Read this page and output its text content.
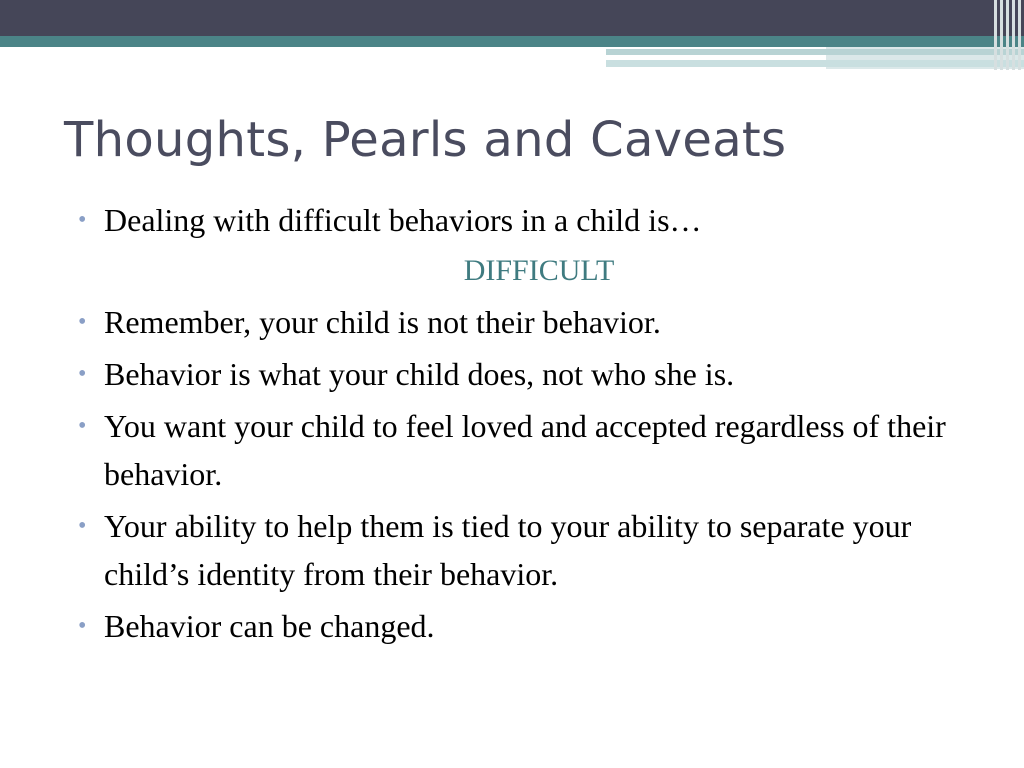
Thoughts, Pearls and Caveats
• Dealing with difficult behaviors in a child is…
DIFFICULT
• Remember, your child is not their behavior.
• Behavior is what your child does, not who she is.
• You want your child to feel loved and accepted regardless of their behavior.
• Your ability to help them is tied to your ability to separate your child’s identity from their behavior.
• Behavior can be changed.
